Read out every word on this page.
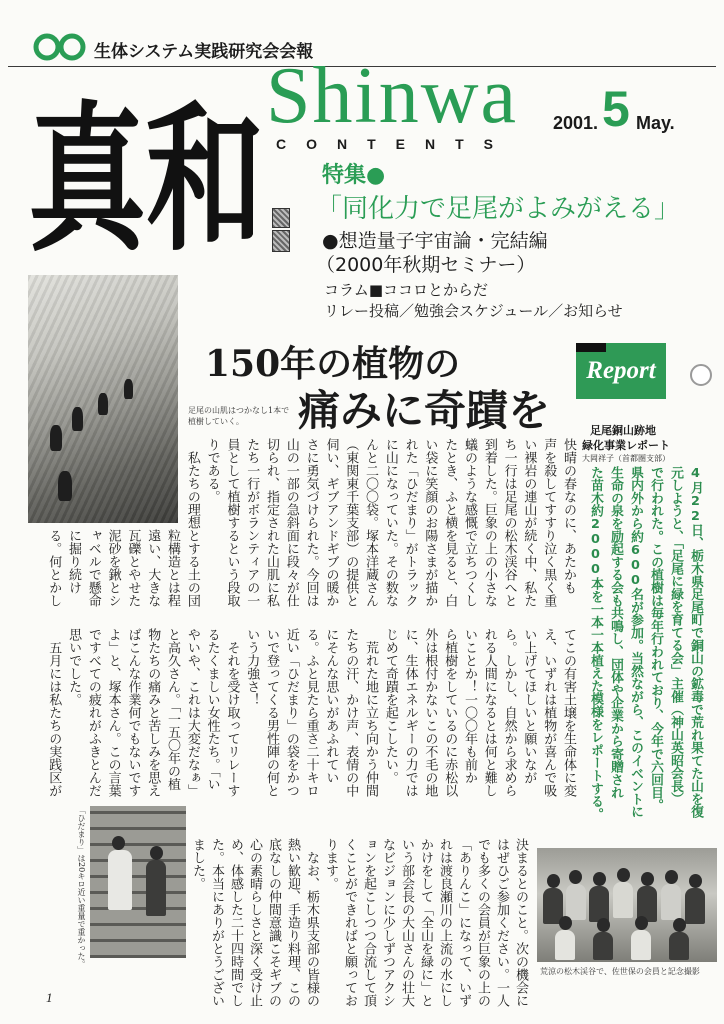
生体システム実践研究会会報
Shinwa
CONTENTS
2001. 5 May.
真和	特集●
「同化力で足尾がよみがえる」
●想造量子宇宙論・完結編
（2000年秋期セミナー）
コラム■ココロとからだ
リレー投稿／勉強会スケジュール／お知らせ
足尾の山肌はつかなし1本で
植樹していく。
150年の植物の
痛みに奇蹟を
Report
足尾銅山跡地
緑化事業レポート
大岡祥子（首都圏支部）
4月22日、栃木県足尾町で銅山の鉱毒で荒れ果てた山を復
元しようと、「足尾に緑を育てる会」主催（神山英昭会長）
で行われた。この植樹は毎年行われており、今年で六回目。
県内外から約600名が参加。当然ながら、このイベントに
生命の泉を励起する会も共鳴し、団体や企業から寄贈され
た苗木約2000本を一本一本植えた模様をレポートする。
快晴の春なのに、あたかも
声を殺してすすり泣く黒く重
い裸岩の連山が続く中、私た
ち一行は足尾の松木渓谷へと
到着した。巨象の上の小さな
蟻のような感慨で立ちつくし
たとき、ふと横を見ると、白
い袋に笑顔のお陽さまが描か
れた「ひだまり」がトラック
に山になっていた。その数な
んと二〇〇袋。塚本洋蔵さん
（東関東千葉支部）の提供と
伺い、ギブアンドギブの暖か
さに勇気づけられた。今回は
山の一部の急斜面に段々が仕
切られ、指定された山肌に私
たち一行がボランティアの一
員として植樹するという段取
りである。
　私たちの理想とする土の団
粒構造とは程
遠い、大きな
瓦礫とやせた
泥砂を鍬とシ
ャベルで懸命
に掘り続け
る。何とかし
てこの有害土壌を生命体に変
え、いずれは植物が喜んで吸
い上げてほしいと願いなが
ら。しかし、自然から求めら
れる人間になるとは何と難し
いことか！一〇〇年も前か
ら植樹をしているのに赤松以
外は根付かないこの不毛の地
に、生体エネルギーの力では
じめて奇蹟を起こしたい。
　荒れた地に立ち向かう仲間
たちの汗、かけ声、表情の中
にそんな思いがあふれてい
る。ふと見たら重さ二十キロ
近い「ひだまり」の袋をかつ
いで登ってくる男性陣の何と
いう力強さ！
　それを受け取ってリレーす
るたくましい女性たち。「い
やいや、これは大変だなぁ」
と高久さん。「一五〇年の植
物たちの痛みと苦しみを思え
ばこんな作業何でもないです
よ」と、塚本さん。この言葉
ですべての疲れがふきとんだ
思いでした。
　五月には私たちの実践区が
決まるとのこと。次の機会に
はぜひご参加ください。一人
でも多くの会員が巨象の上の
「ありんこ」になって、いず
れは渡良瀬川の上流の水にし
かけをして「全山を緑に」と
いう部会長の大山さんの壮大
なビジョンに少しずつアクシ
ョンを起こしつつ合流して頂
くことができればと願ってお
ります。
　なお、栃木県支部の皆様の
熱い歓迎、手造り料理、この
底なしの仲間意識こそギブの
心の素晴らしさと深く受け止
め、体感した二十四時間でし
た。本当にありがとうござい
ました。
「ひだまり」は20キロ近い重量で重かった。
荒涼の松木渓谷で、佐世保の会員と記念撮影
1
